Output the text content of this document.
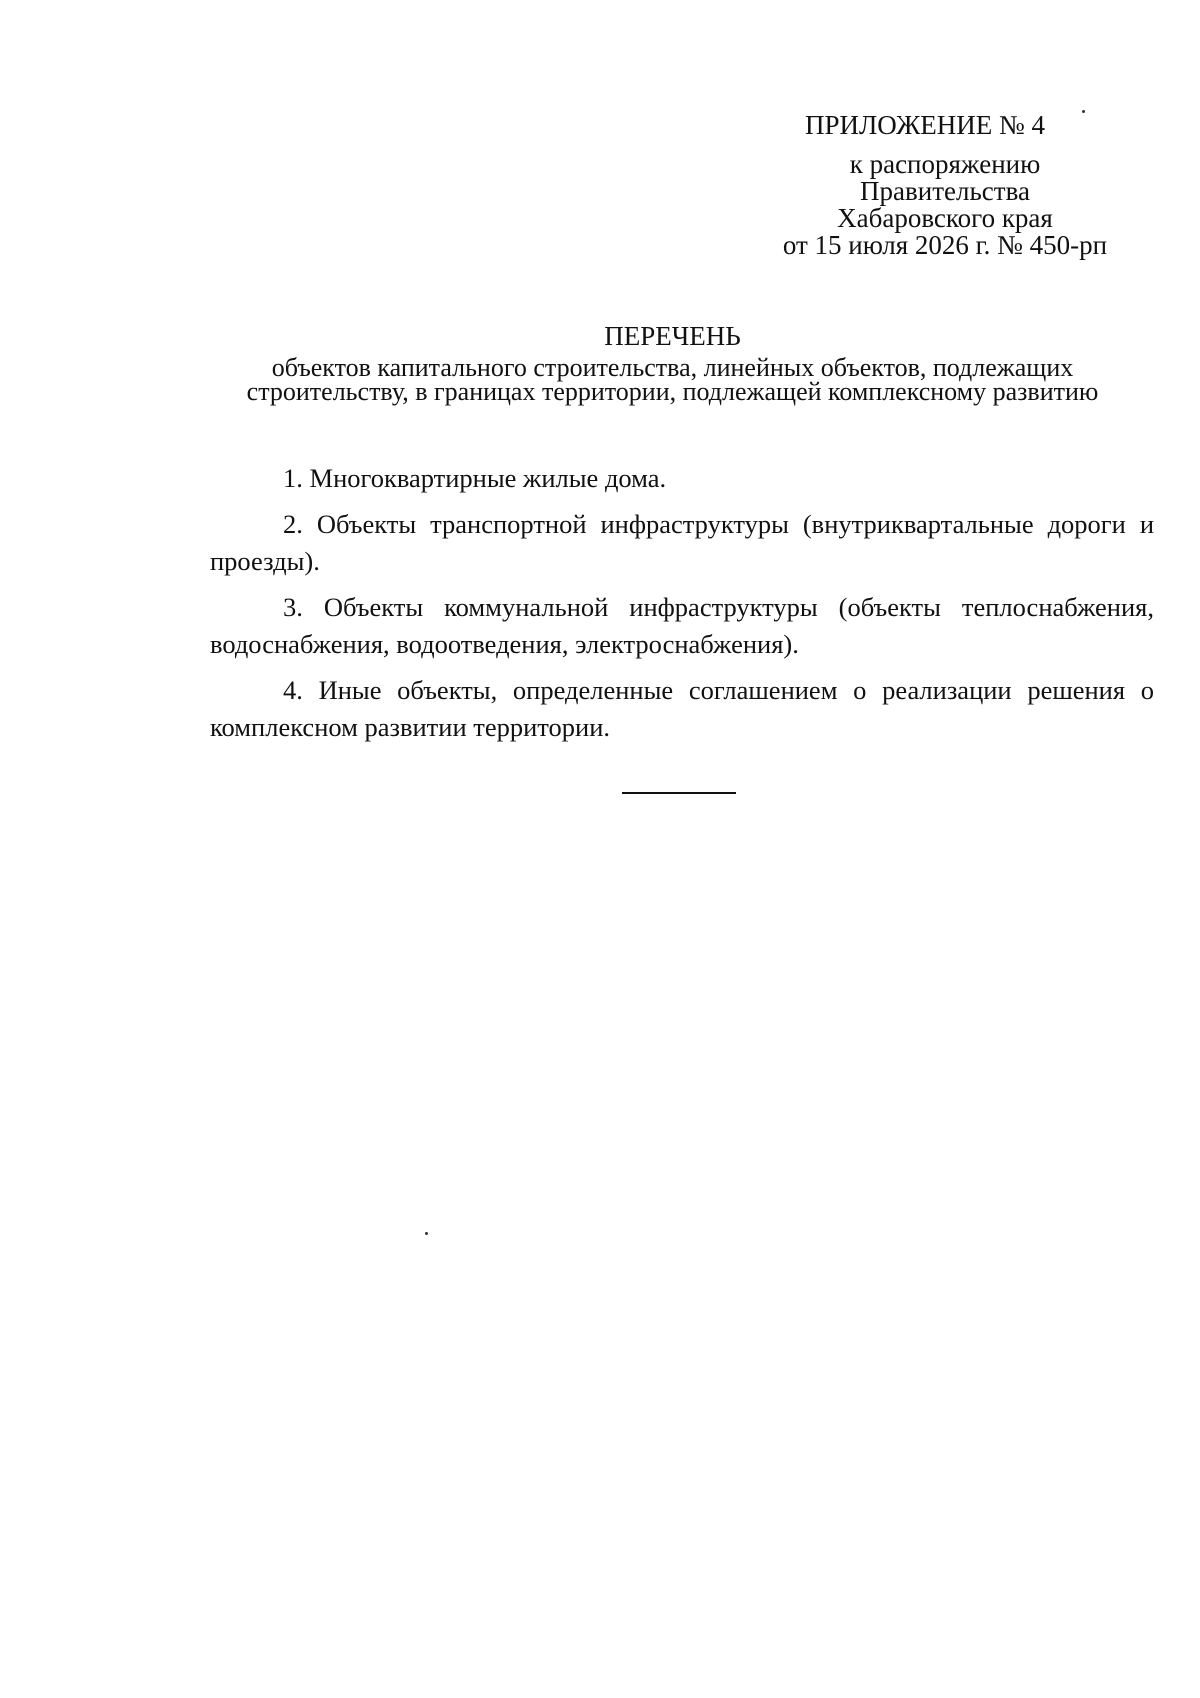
ПРИЛОЖЕНИЕ № 4
к распоряжению
Правительства
Хабаровского края
от 15 июля 2026 г. № 450-рп
ПЕРЕЧЕНЬ
объектов капитального строительства, линейных объектов, подлежащих
строительству, в границах территории, подлежащей комплексному развитию

1. Многоквартирные жилые дома.

2. Объекты транспортной инфраструктуры (внутриквартальные дороги и проезды).

3. Объекты коммунальной инфраструктуры (объекты теплоснабжения, водоснабжения, водоотведения, электроснабжения).

4. Иные объекты, определенные соглашением о реализации решения о комплексном развитии территории.
